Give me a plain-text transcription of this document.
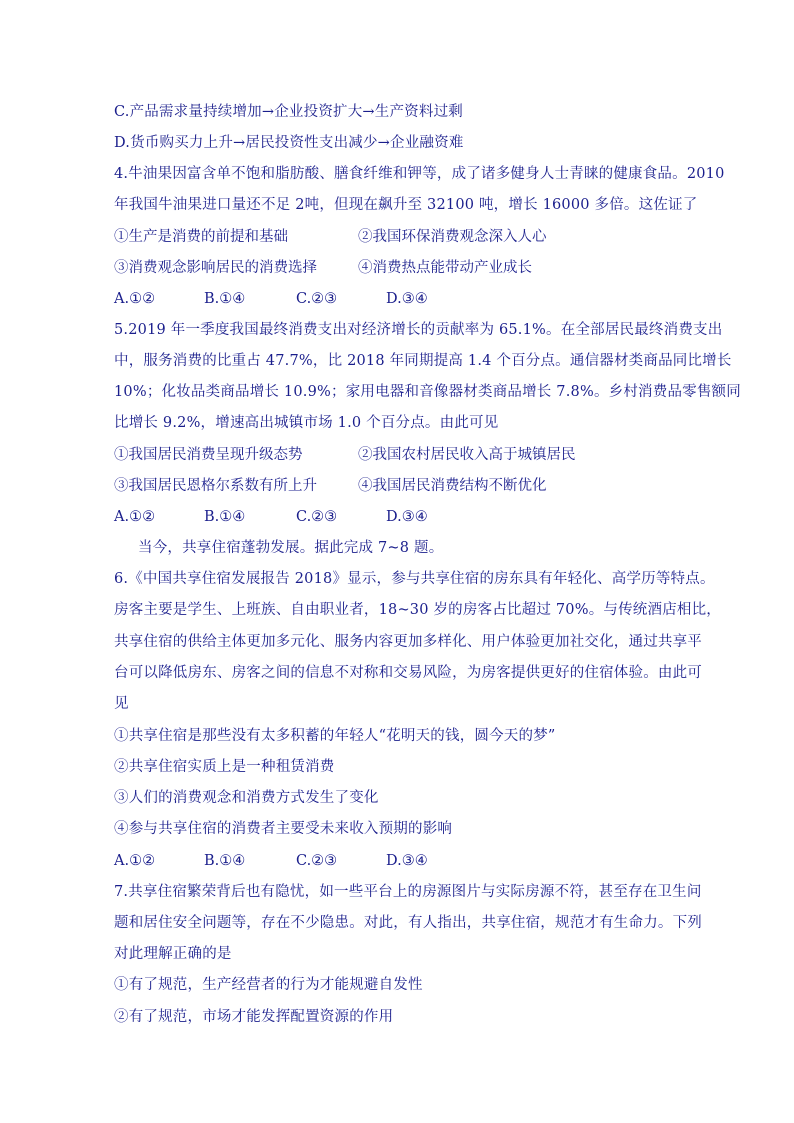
C.产品需求量持续增加→企业投资扩大→生产资料过剩
D.货币购买力上升→居民投资性支出减少→企业融资难
4.牛油果因富含单不饱和脂肪酸、膳食纤维和钾等，成了诸多健身人士青睐的健康食品。2010
年我国牛油果进口量还不足 2吨，但现在飙升至 32100 吨，增长 16000 多倍。这佐证了
①生产是消费的前提和基础	②我国环保消费观念深入人心
③消费观念影响居民的消费选择	④消费热点能带动产业成长
A.①②	B.①④	C.②③	D.③④
5.2019 年一季度我国最终消费支出对经济增长的贡献率为 65.1%。在全部居民最终消费支出
中，服务消费的比重占 47.7%，比 2018 年同期提高 1.4 个百分点。通信器材类商品同比增长
10%；化妆品类商品增长 10.9%；家用电器和音像器材类商品增长 7.8%。乡村消费品零售额同
比增长 9.2%，增速高出城镇市场 1.0 个百分点。由此可见
①我国居民消费呈现升级态势	②我国农村居民收入高于城镇居民
③我国居民恩格尔系数有所上升	④我国居民消费结构不断优化
A.①②	B.①④	C.②③	D.③④
当今，共享住宿蓬勃发展。据此完成 7~8 题。
6.《中国共享住宿发展报告 2018》显示，参与共享住宿的房东具有年轻化、高学历等特点。
房客主要是学生、上班族、自由职业者，18~30 岁的房客占比超过 70%。与传统酒店相比，
共享住宿的供给主体更加多元化、服务内容更加多样化、用户体验更加社交化，通过共享平
台可以降低房东、房客之间的信息不对称和交易风险，为房客提供更好的住宿体验。由此可
见
①共享住宿是那些没有太多积蓄的年轻人“花明天的钱，圆今天的梦”
②共享住宿实质上是一种租赁消费
③人们的消费观念和消费方式发生了变化
④参与共享住宿的消费者主要受未来收入预期的影响
A.①②	B.①④	C.②③	D.③④
7.共享住宿繁荣背后也有隐忧，如一些平台上的房源图片与实际房源不符，甚至存在卫生问
题和居住安全问题等，存在不少隐患。对此，有人指出，共享住宿，规范才有生命力。下列
对此理解正确的是
①有了规范，生产经营者的行为才能规避自发性
②有了规范，市场才能发挥配置资源的作用
